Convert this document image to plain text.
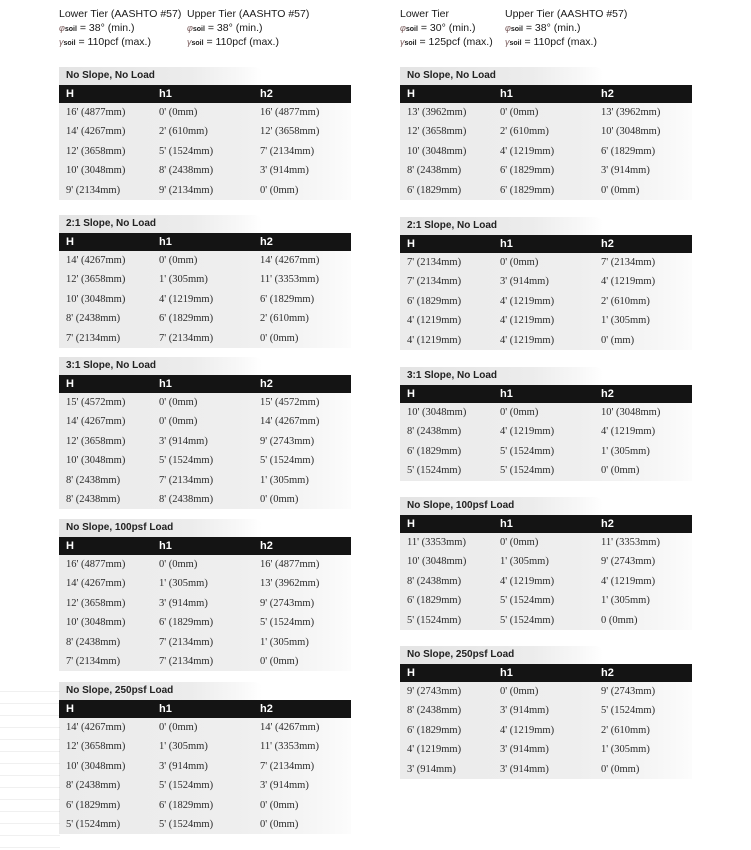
Lower Tier (AASHTO #57)
φsoil = 38° (min.)
γsoil = 110pcf (max.)
Upper Tier (AASHTO #57)
φsoil = 38° (min.)
γsoil = 110pcf (max.)
Lower Tier
φsoil = 30° (min.)
γsoil = 125pcf (max.)
Upper Tier (AASHTO #57)
φsoil = 38° (min.)
γsoil = 110pcf (max.)
No Slope, No Load
H	h1	h2
16' (4877mm)	0' (0mm)	16' (4877mm)
14' (4267mm)	2' (610mm)	12' (3658mm)
12' (3658mm)	5' (1524mm)	7' (2134mm)
10' (3048mm)	8' (2438mm)	3' (914mm)
9' (2134mm)	9' (2134mm)	0' (0mm)
2:1 Slope, No Load
H	h1	h2
14' (4267mm)	0' (0mm)	14' (4267mm)
12' (3658mm)	1' (305mm)	11' (3353mm)
10' (3048mm)	4' (1219mm)	6' (1829mm)
8' (2438mm)	6' (1829mm)	2' (610mm)
7' (2134mm)	7' (2134mm)	0' (0mm)
3:1 Slope, No Load
H	h1	h2
15' (4572mm)	0' (0mm)	15' (4572mm)
14' (4267mm)	0' (0mm)	14' (4267mm)
12' (3658mm)	3' (914mm)	9' (2743mm)
10' (3048mm)	5' (1524mm)	5' (1524mm)
8' (2438mm)	7' (2134mm)	1' (305mm)
8' (2438mm)	8' (2438mm)	0' (0mm)
No Slope, 100psf Load
H	h1	h2
16' (4877mm)	0' (0mm)	16' (4877mm)
14' (4267mm)	1' (305mm)	13' (3962mm)
12' (3658mm)	3' (914mm)	9' (2743mm)
10' (3048mm)	6' (1829mm)	5' (1524mm)
8' (2438mm)	7' (2134mm)	1' (305mm)
7' (2134mm)	7' (2134mm)	0' (0mm)
No Slope, 250psf Load
H	h1	h2
14' (4267mm)	0' (0mm)	14' (4267mm)
12' (3658mm)	1' (305mm)	11' (3353mm)
10' (3048mm)	3' (914mm)	7' (2134mm)
8' (2438mm)	5' (1524mm)	3' (914mm)
6' (1829mm)	6' (1829mm)	0' (0mm)
5' (1524mm)	5' (1524mm)	0' (0mm)
No Slope, No Load
H	h1	h2
13' (3962mm)	0' (0mm)	13' (3962mm)
12' (3658mm)	2' (610mm)	10' (3048mm)
10' (3048mm)	4' (1219mm)	6' (1829mm)
8' (2438mm)	6' (1829mm)	3' (914mm)
6' (1829mm)	6' (1829mm)	0' (0mm)
2:1 Slope, No Load
H	h1	h2
7' (2134mm)	0' (0mm)	7' (2134mm)
7' (2134mm)	3' (914mm)	4' (1219mm)
6' (1829mm)	4' (1219mm)	2' (610mm)
4' (1219mm)	4' (1219mm)	1' (305mm)
4' (1219mm)	4' (1219mm)	0' (mm)
3:1 Slope, No Load
H	h1	h2
10' (3048mm)	0' (0mm)	10' (3048mm)
8' (2438mm)	4' (1219mm)	4' (1219mm)
6' (1829mm)	5' (1524mm)	1' (305mm)
5' (1524mm)	5' (1524mm)	0' (0mm)
No Slope, 100psf Load
H	h1	h2
11' (3353mm)	0' (0mm)	11' (3353mm)
10' (3048mm)	1' (305mm)	9' (2743mm)
8' (2438mm)	4' (1219mm)	4' (1219mm)
6' (1829mm)	5' (1524mm)	1' (305mm)
5' (1524mm)	5' (1524mm)	0 (0mm)
No Slope, 250psf Load
H	h1	h2
9' (2743mm)	0' (0mm)	9' (2743mm)
8' (2438mm)	3' (914mm)	5' (1524mm)
6' (1829mm)	4' (1219mm)	2' (610mm)
4' (1219mm)	3' (914mm)	1' (305mm)
3' (914mm)	3' (914mm)	0' (0mm)
